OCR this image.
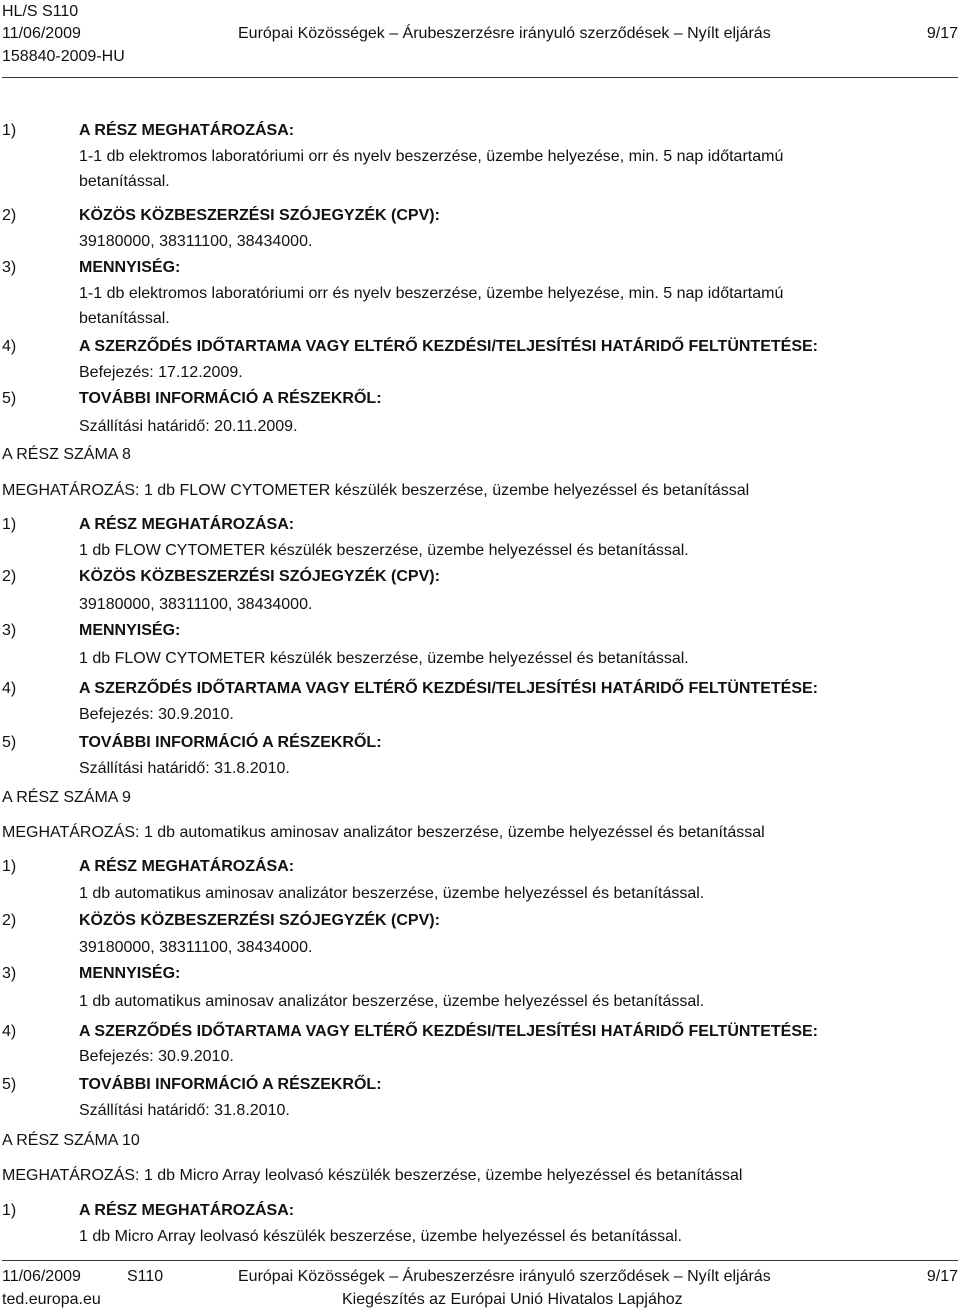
HL/S S110
11/06/2009
158840-2009-HU
Európai Közösségek – Árubeszerzésre irányuló szerződések – Nyílt eljárás	9/17
1)	A RÉSZ MEGHATÁROZÁSA:
1-1 db elektromos laboratóriumi orr és nyelv beszerzése, üzembe helyezése, min. 5 nap időtartamú
betanítással.
2)	KÖZÖS KÖZBESZERZÉSI SZÓJEGYZÉK (CPV):
39180000, 38311100, 38434000.
3)	MENNYISÉG:
1-1 db elektromos laboratóriumi orr és nyelv beszerzése, üzembe helyezése, min. 5 nap időtartamú
betanítással.
4)	A SZERZŐDÉS IDŐTARTAMA VAGY ELTÉRŐ KEZDÉSI/TELJESÍTÉSI HATÁRIDŐ FELTÜNTETÉSE:
Befejezés: 17.12.2009.
5)	TOVÁBBI INFORMÁCIÓ A RÉSZEKRŐL:
Szállítási határidő: 20.11.2009.
A RÉSZ SZÁMA 8
MEGHATÁROZÁS: 1 db FLOW CYTOMETER készülék beszerzése, üzembe helyezéssel és betanítással
1)	A RÉSZ MEGHATÁROZÁSA:
1 db FLOW CYTOMETER készülék beszerzése, üzembe helyezéssel és betanítással.
2)	KÖZÖS KÖZBESZERZÉSI SZÓJEGYZÉK (CPV):
39180000, 38311100, 38434000.
3)	MENNYISÉG:
1 db FLOW CYTOMETER készülék beszerzése, üzembe helyezéssel és betanítással.
4)	A SZERZŐDÉS IDŐTARTAMA VAGY ELTÉRŐ KEZDÉSI/TELJESÍTÉSI HATÁRIDŐ FELTÜNTETÉSE:
Befejezés: 30.9.2010.
5)	TOVÁBBI INFORMÁCIÓ A RÉSZEKRŐL:
Szállítási határidő: 31.8.2010.
A RÉSZ SZÁMA 9
MEGHATÁROZÁS: 1 db automatikus aminosav analizátor beszerzése, üzembe helyezéssel és betanítással
1)	A RÉSZ MEGHATÁROZÁSA:
1 db automatikus aminosav analizátor beszerzése, üzembe helyezéssel és betanítással.
2)	KÖZÖS KÖZBESZERZÉSI SZÓJEGYZÉK (CPV):
39180000, 38311100, 38434000.
3)	MENNYISÉG:
1 db automatikus aminosav analizátor beszerzése, üzembe helyezéssel és betanítással.
4)	A SZERZŐDÉS IDŐTARTAMA VAGY ELTÉRŐ KEZDÉSI/TELJESÍTÉSI HATÁRIDŐ FELTÜNTETÉSE:
Befejezés: 30.9.2010.
5)	TOVÁBBI INFORMÁCIÓ A RÉSZEKRŐL:
Szállítási határidő: 31.8.2010.
A RÉSZ SZÁMA 10
MEGHATÁROZÁS: 1 db Micro Array leolvasó készülék beszerzése, üzembe helyezéssel és betanítással
1)	A RÉSZ MEGHATÁROZÁSA:
1 db Micro Array leolvasó készülék beszerzése, üzembe helyezéssel és betanítással.
11/06/2009	S110	Európai Közösségek – Árubeszerzésre irányuló szerződések – Nyílt eljárás	9/17
ted.europa.eu	Kiegészítés az Európai Unió Hivatalos Lapjához
